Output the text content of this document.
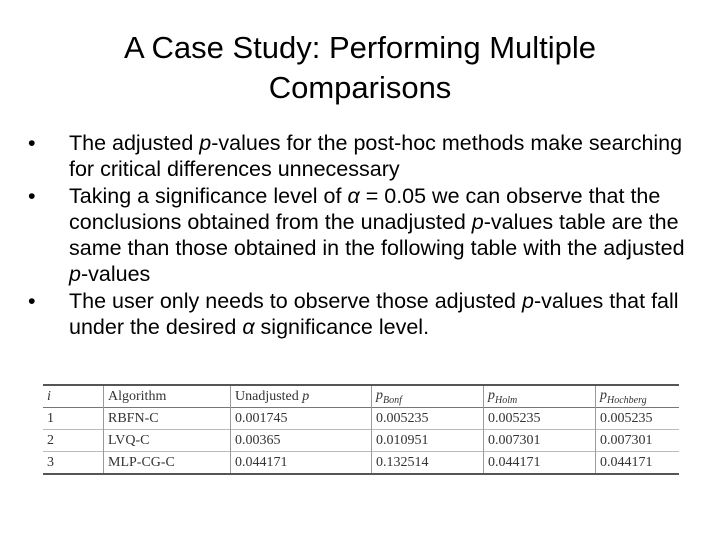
A Case Study: Performing Multiple
Comparisons
•	The adjusted p-values for the post-hoc methods make searching for critical differences unnecessary
•	Taking a significance level of α = 0.05 we can observe that the conclusions obtained from the unadjusted p-values table are the same than those obtained in the following table with the adjusted p-values
•	The user only needs to observe those adjusted p-values that fall under the desired α significance level.
i	Algorithm	Unadjusted p	$p_{Bonf}$	$p_{Holm}$	$p_{Hochberg}$
1	RBFN-C	0.001745	0.005235	0.005235	0.005235
2	LVQ-C	0.00365	0.010951	0.007301	0.007301
3	MLP-CG-C	0.044171	0.132514	0.044171	0.044171
